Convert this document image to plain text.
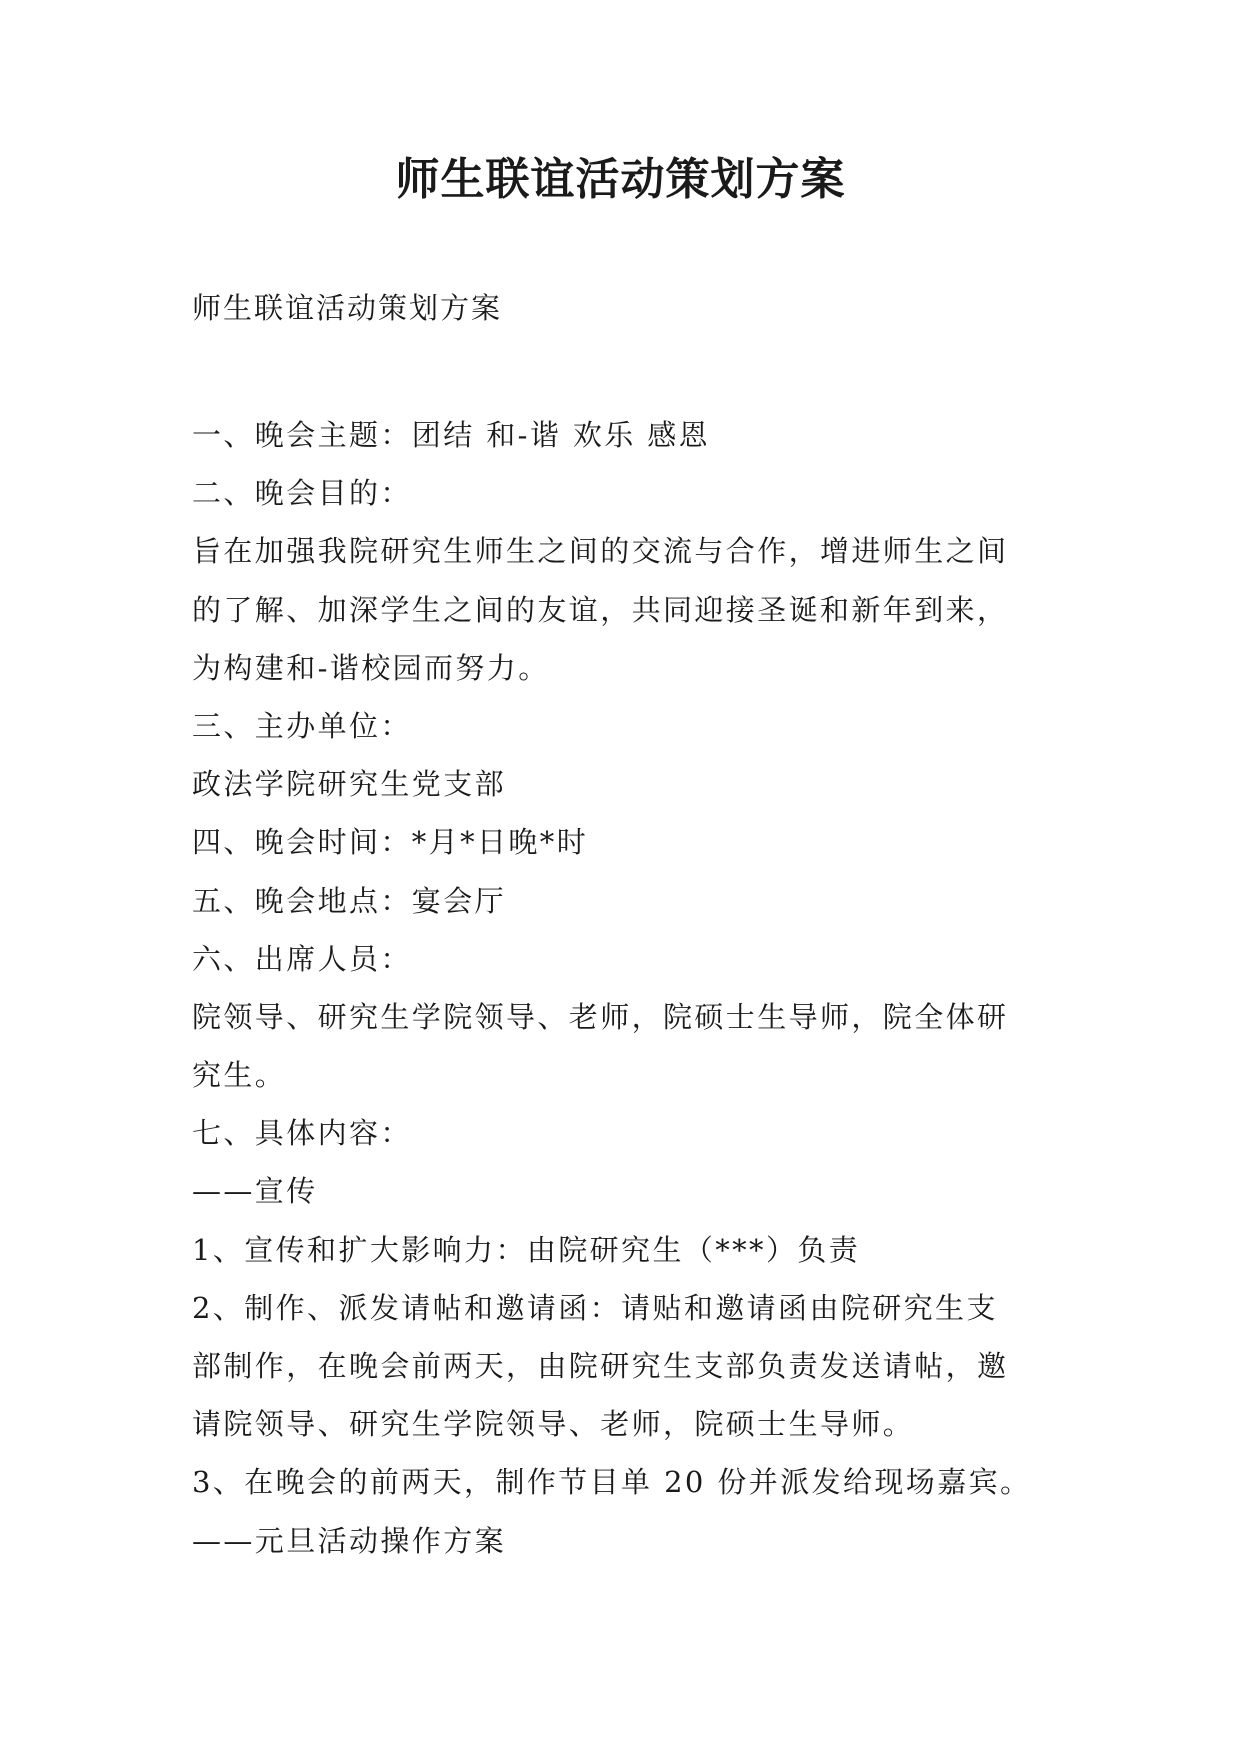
师生联谊活动策划方案
师生联谊活动策划方案
一、晚会主题：团结 和-谐 欢乐 感恩
二、晚会目的：
旨在加强我院研究生师生之间的交流与合作，增进师生之间
的了解、加深学生之间的友谊，共同迎接圣诞和新年到来，
为构建和-谐校园而努力。
三、主办单位：
政法学院研究生党支部
四、晚会时间：*月*日晚*时
五、晚会地点：宴会厅
六、出席人员：
院领导、研究生学院领导、老师，院硕士生导师，院全体研
究生。
七、具体内容：
——宣传
1、宣传和扩大影响力：由院研究生（***）负责
2、制作、派发请帖和邀请函：请贴和邀请函由院研究生支
部制作，在晚会前两天，由院研究生支部负责发送请帖，邀
请院领导、研究生学院领导、老师，院硕士生导师。
3、在晚会的前两天，制作节目单 20 份并派发给现场嘉宾。
——元旦活动操作方案
